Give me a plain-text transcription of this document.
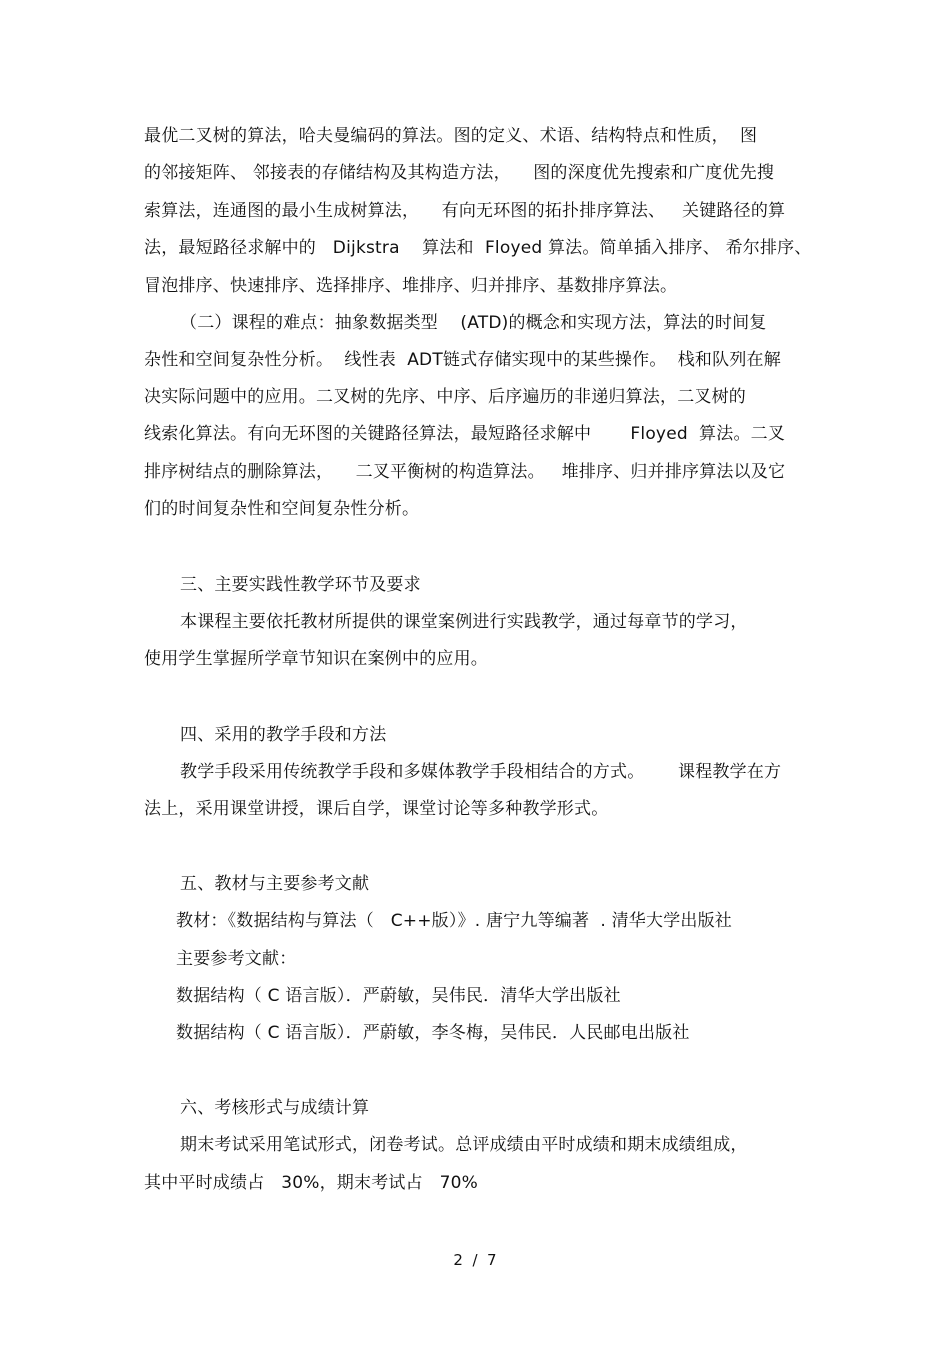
最优二叉树的算法，哈夫曼编码的算法。图的定义、术语、结构特点和性质，  图
的邻接矩阵、 邻接表的存储结构及其构造方法，    图的深度优先搜索和广度优先搜
索算法，连通图的最小生成树算法，    有向无环图的拓扑排序算法、   关键路径的算
法，最短路径求解中的   Dijkstra    算法和  Floyed 算法。简单插入排序、 希尔排序、
冒泡排序、快速排序、选择排序、堆排序、归并排序、基数排序算法。
（二）课程的难点：抽象数据类型    (ATD)的概念和实现方法，算法的时间复
杂性和空间复杂性分析。  线性表  ADT链式存储实现中的某些操作。  栈和队列在解
决实际问题中的应用。二叉树的先序、中序、后序遍历的非递归算法，二叉树的
线索化算法。有向无环图的关键路径算法，最短路径求解中       Floyed  算法。二叉
排序树结点的删除算法，    二叉平衡树的构造算法。   堆排序、归并排序算法以及它
们的时间复杂性和空间复杂性分析。
三、主要实践性教学环节及要求
本课程主要依托教材所提供的课堂案例进行实践教学，通过每章节的学习，
使用学生掌握所学章节知识在案例中的应用。
四、采用的教学手段和方法
教学手段采用传统教学手段和多媒体教学手段相结合的方式。      课程教学在方
法上，采用课堂讲授，课后自学，课堂讨论等多种教学形式。
五、教材与主要参考文献
教材：《数据结构与算法（   C++版）》. 唐宁九等编著  . 清华大学出版社
主要参考文献：
数据结构（ C 语言版）．严蔚敏，吴伟民．清华大学出版社
数据结构（ C 语言版）．严蔚敏，李冬梅，吴伟民．人民邮电出版社
六、考核形式与成绩计算
期末考试采用笔试形式，闭卷考试。总评成绩由平时成绩和期末成绩组成，
其中平时成绩占   30%，期末考试占   70%
2  /  7
